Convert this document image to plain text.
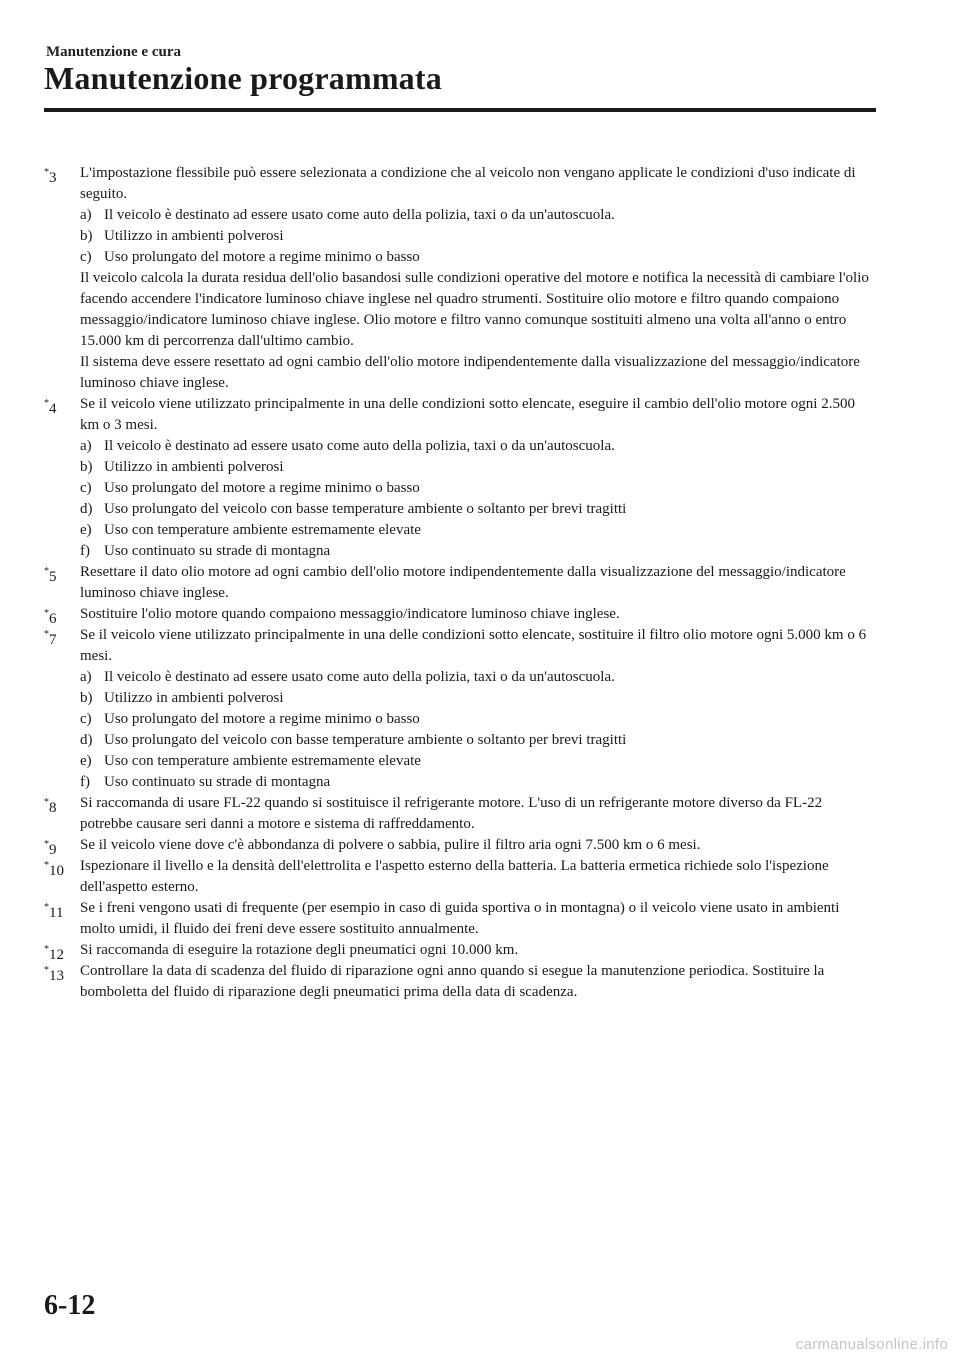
Manutenzione e cura
Manutenzione programmata
*3 L'impostazione flessibile può essere selezionata a condizione che al veicolo non vengano applicate le condizioni d'uso indicate di seguito.
a) Il veicolo è destinato ad essere usato come auto della polizia, taxi o da un'autoscuola.
b) Utilizzo in ambienti polverosi
c) Uso prolungato del motore a regime minimo o basso
Il veicolo calcola la durata residua dell'olio basandosi sulle condizioni operative del motore e notifica la necessità di cambiare l'olio facendo accendere l'indicatore luminoso chiave inglese nel quadro strumenti. Sostituire olio motore e filtro quando compaiono messaggio/indicatore luminoso chiave inglese. Olio motore e filtro vanno comunque sostituiti almeno una volta all'anno o entro 15.000 km di percorrenza dall'ultimo cambio.
Il sistema deve essere resettato ad ogni cambio dell'olio motore indipendentemente dalla visualizzazione del messaggio/indicatore luminoso chiave inglese.
*4 Se il veicolo viene utilizzato principalmente in una delle condizioni sotto elencate, eseguire il cambio dell'olio motore ogni 2.500 km o 3 mesi.
a) Il veicolo è destinato ad essere usato come auto della polizia, taxi o da un'autoscuola.
b) Utilizzo in ambienti polverosi
c) Uso prolungato del motore a regime minimo o basso
d) Uso prolungato del veicolo con basse temperature ambiente o soltanto per brevi tragitti
e) Uso con temperature ambiente estremamente elevate
f) Uso continuato su strade di montagna
*5 Resettare il dato olio motore ad ogni cambio dell'olio motore indipendentemente dalla visualizzazione del messaggio/indicatore luminoso chiave inglese.
*6 Sostituire l'olio motore quando compaiono messaggio/indicatore luminoso chiave inglese.
*7 Se il veicolo viene utilizzato principalmente in una delle condizioni sotto elencate, sostituire il filtro olio motore ogni 5.000 km o 6 mesi.
a) Il veicolo è destinato ad essere usato come auto della polizia, taxi o da un'autoscuola.
b) Utilizzo in ambienti polverosi
c) Uso prolungato del motore a regime minimo o basso
d) Uso prolungato del veicolo con basse temperature ambiente o soltanto per brevi tragitti
e) Uso con temperature ambiente estremamente elevate
f) Uso continuato su strade di montagna
*8 Si raccomanda di usare FL-22 quando si sostituisce il refrigerante motore. L'uso di un refrigerante motore diverso da FL-22 potrebbe causare seri danni a motore e sistema di raffreddamento.
*9 Se il veicolo viene dove c'è abbondanza di polvere o sabbia, pulire il filtro aria ogni 7.500 km o 6 mesi.
*10 Ispezionare il livello e la densità dell'elettrolita e l'aspetto esterno della batteria. La batteria ermetica richiede solo l'ispezione dell'aspetto esterno.
*11 Se i freni vengono usati di frequente (per esempio in caso di guida sportiva o in montagna) o il veicolo viene usato in ambienti molto umidi, il fluido dei freni deve essere sostituito annualmente.
*12 Si raccomanda di eseguire la rotazione degli pneumatici ogni 10.000 km.
*13 Controllare la data di scadenza del fluido di riparazione ogni anno quando si esegue la manutenzione periodica. Sostituire la bomboletta del fluido di riparazione degli pneumatici prima della data di scadenza.
6-12
carmanualsonline.info
